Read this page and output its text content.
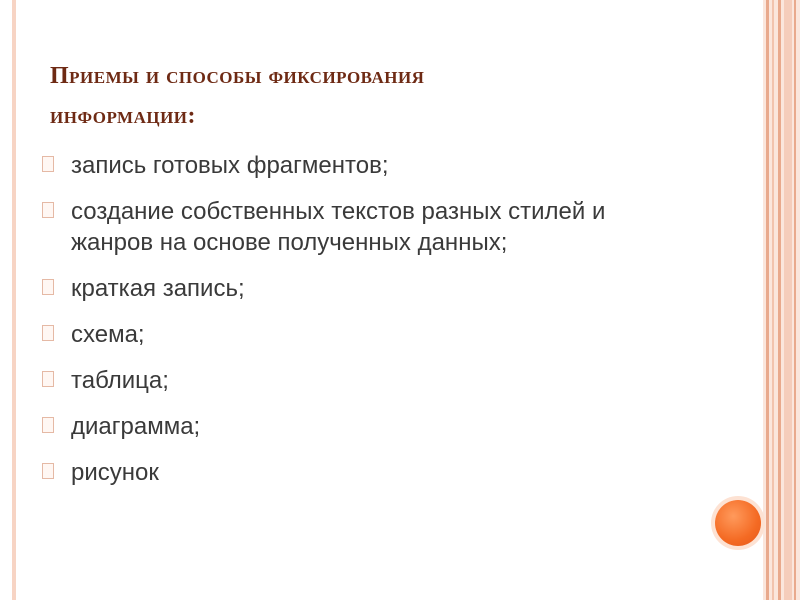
Приемы и способы фиксирования
информации:
запись готовых фрагментов;
создание собственных текстов разных стилей и жанров на основе полученных данных;
краткая запись;
схема;
таблица;
диаграмма;
рисунок
